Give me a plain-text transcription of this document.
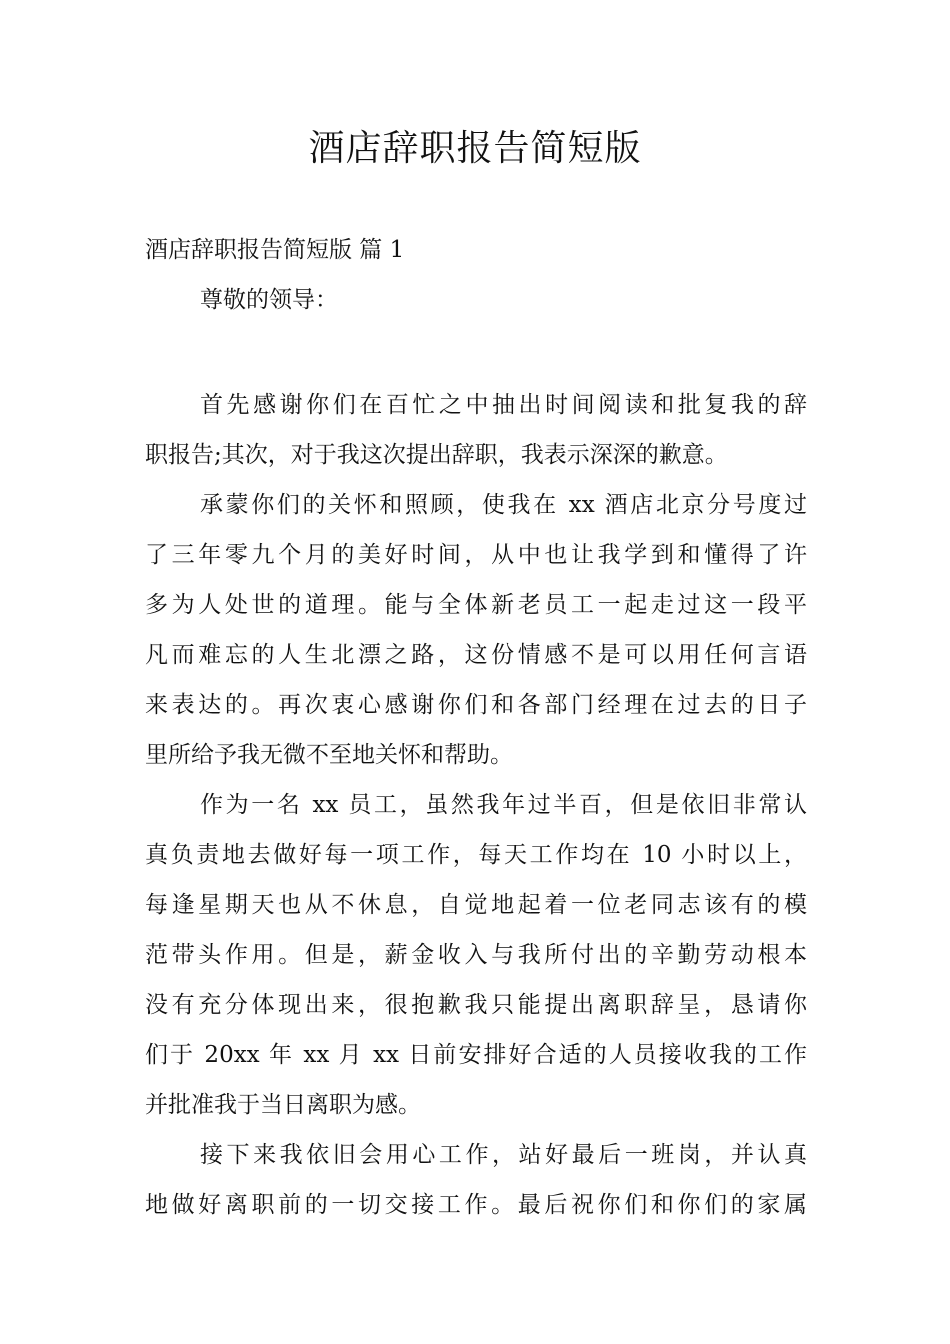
酒店辞职报告简短版

酒店辞职报告简短版 篇 1

尊敬的领导：

首先感谢你们在百忙之中抽出时间阅读和批复我的辞
职报告;其次，对于我这次提出辞职，我表示深深的歉意。

承蒙你们的关怀和照顾，使我在 xx 酒店北京分号度过
了三年零九个月的美好时间，从中也让我学到和懂得了许
多为人处世的道理。能与全体新老员工一起走过这一段平
凡而难忘的人生北漂之路，这份情感不是可以用任何言语
来表达的。再次衷心感谢你们和各部门经理在过去的日子
里所给予我无微不至地关怀和帮助。

作为一名 xx 员工，虽然我年过半百，但是依旧非常认
真负责地去做好每一项工作，每天工作均在 10 小时以上，
每逢星期天也从不休息，自觉地起着一位老同志该有的模
范带头作用。但是，薪金收入与我所付出的辛勤劳动根本
没有充分体现出来，很抱歉我只能提出离职辞呈，恳请你
们于 20xx 年 xx 月 xx 日前安排好合适的人员接收我的工作
并批准我于当日离职为感。

接下来我依旧会用心工作，站好最后一班岗，并认真
地做好离职前的一切交接工作。最后祝你们和你们的家属
